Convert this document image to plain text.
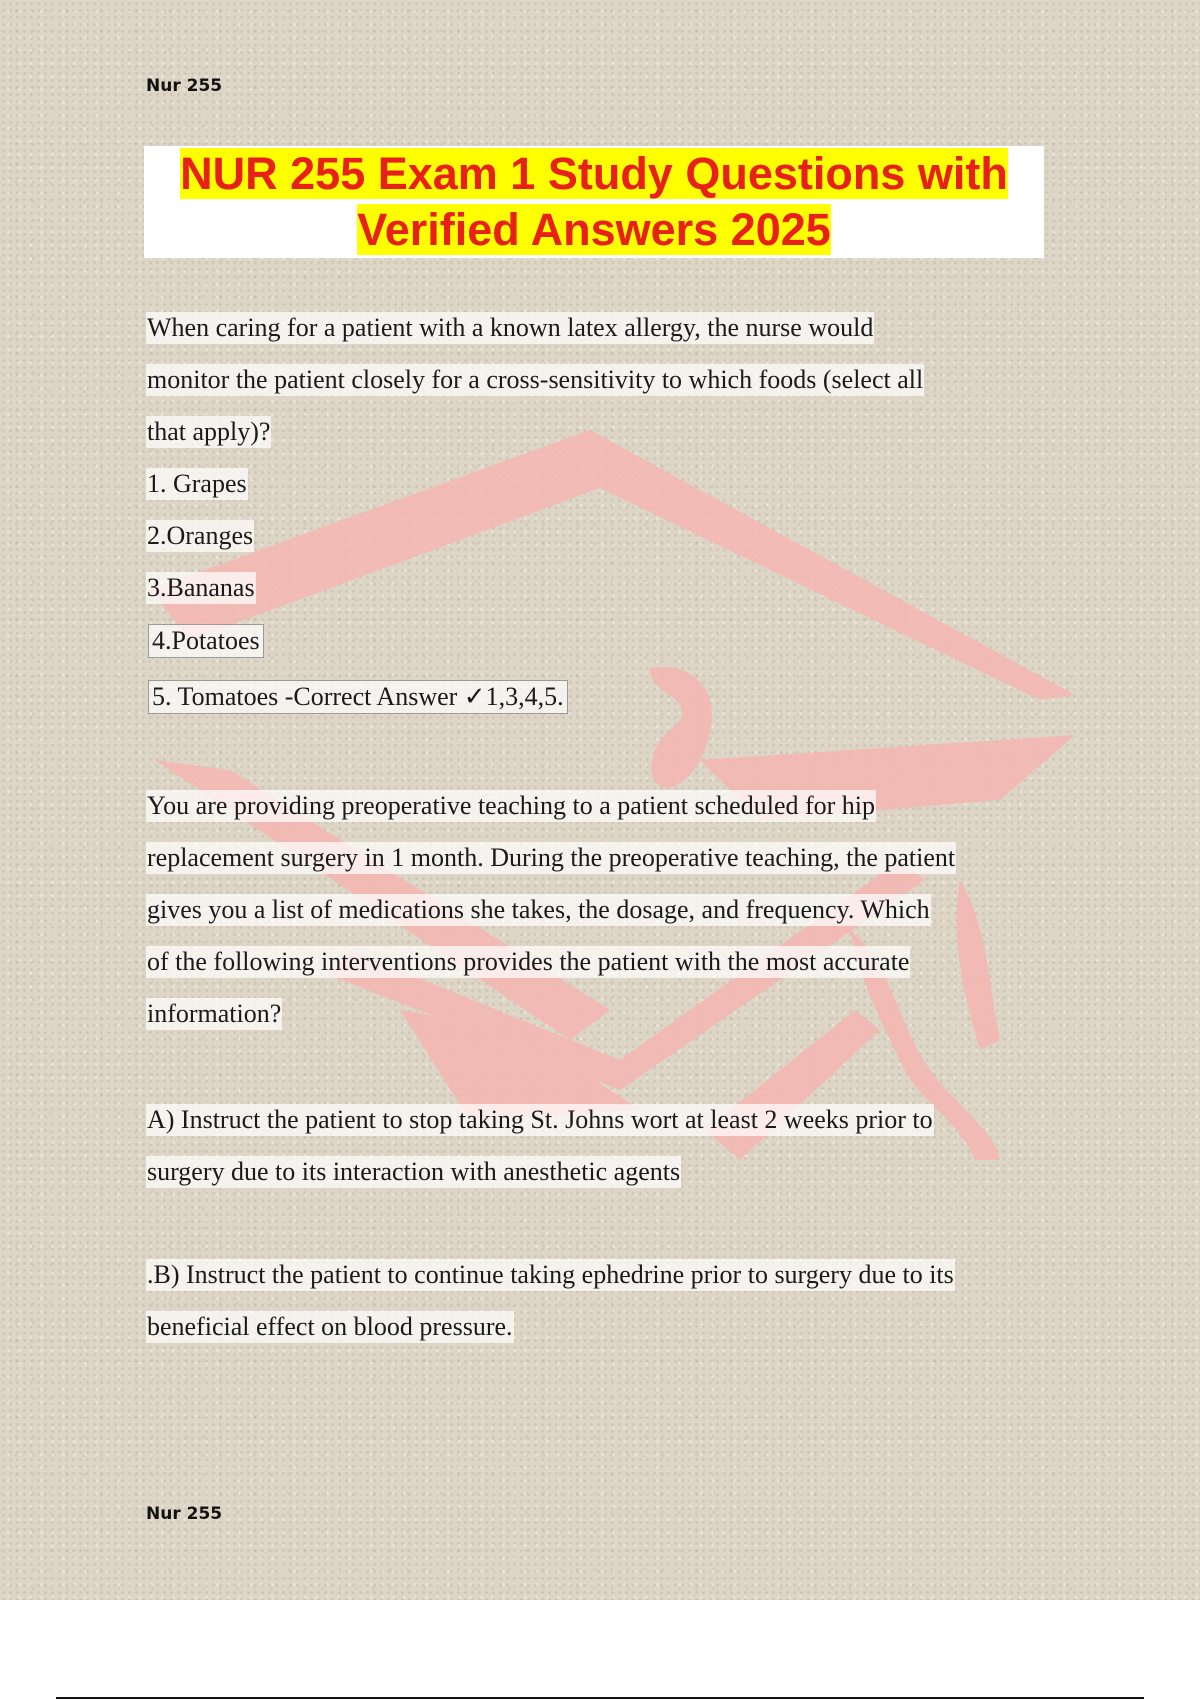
Nur 255
NUR 255 Exam 1 Study Questions with
Verified Answers 2025
When caring for a patient with a known latex allergy, the nurse would
monitor the patient closely for a cross-sensitivity to which foods (select all
that apply)?
1. Grapes
2.Oranges
3.Bananas
4.Potatoes
5. Tomatoes -Correct Answer ✓1,3,4,5.
You are providing preoperative teaching to a patient scheduled for hip
replacement surgery in 1 month. During the preoperative teaching, the patient
gives you a list of medications she takes, the dosage, and frequency. Which
of the following interventions provides the patient with the most accurate
information?
A) Instruct the patient to stop taking St. Johns wort at least 2 weeks prior to
surgery due to its interaction with anesthetic agents
.B) Instruct the patient to continue taking ephedrine prior to surgery due to its
beneficial effect on blood pressure.
Nur 255
